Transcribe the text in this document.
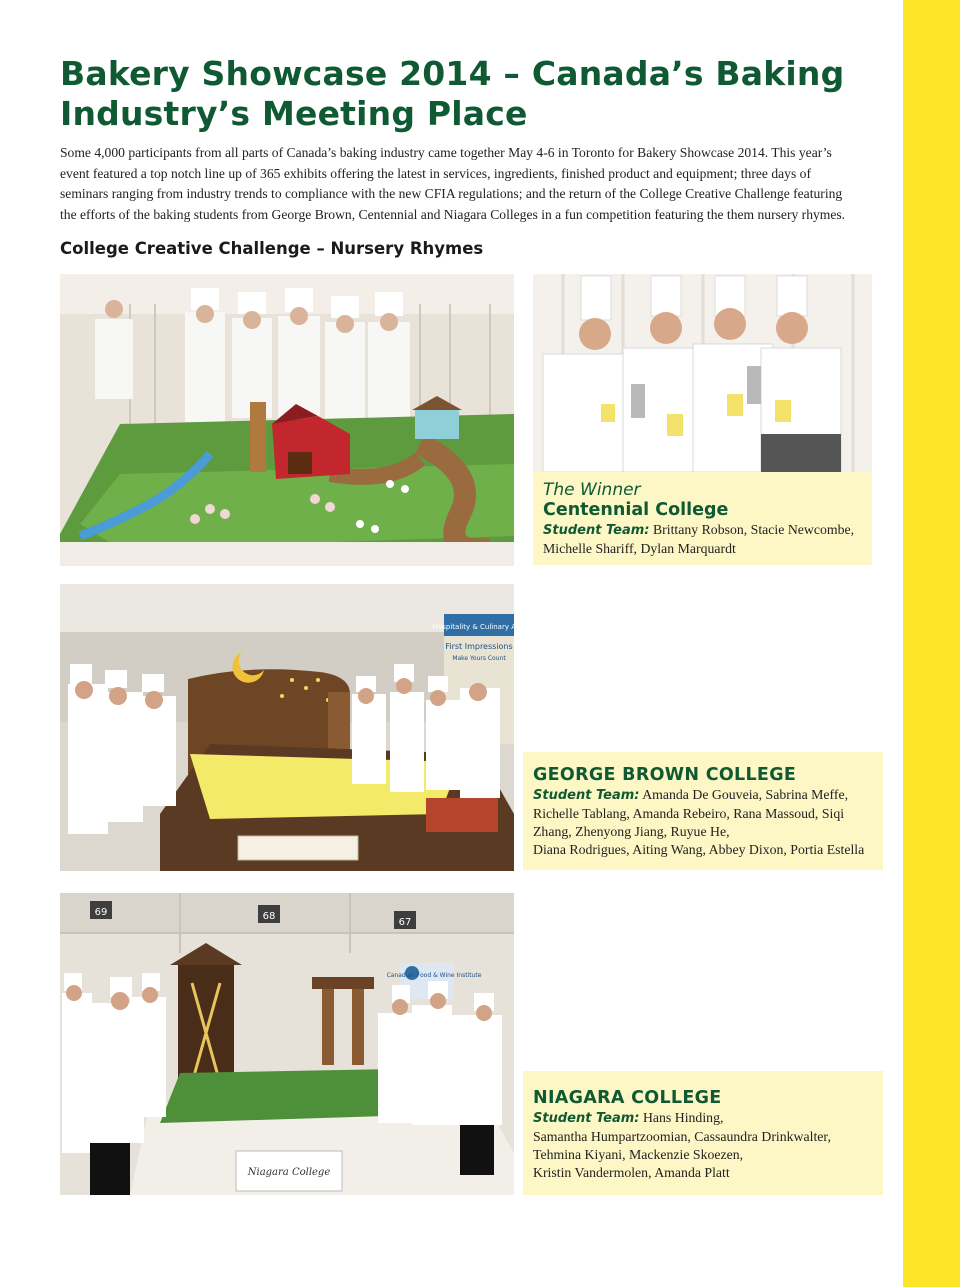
Bakery Showcase 2014 – Canada’s Baking
Industry’s Meeting Place

Some 4,000 participants from all parts of Canada’s baking industry came together May 4-6 in Toronto for Bakery Showcase 2014. This year’s
event featured a top notch line up of 365 exhibits offering the latest in services, ingredients, finished product and equipment; three days of
seminars ranging from industry trends to compliance with the new CFIA regulations; and the return of the College Creative Challenge featuring
the efforts of the baking students from George Brown, Centennial and Niagara Colleges in a fun competition featuring the them nursery rhymes.

College Creative Challenge – Nursery Rhymes
The Winner
Centennial College
Student Team: Brittany Robson, Stacie Newcombe,
Michelle Shariff, Dylan Marquardt
Hospitality & Culinary Arts
First Impressions
Make Yours Count
GEORGE BROWN COLLEGE
Student Team: Amanda De Gouveia, Sabrina Meffe,
Richelle Tablang, Amanda Rebeiro, Rana Massoud, Siqi
Zhang, Zhenyong Jiang, Ruyue He,
Diana Rodrigues, Aiting Wang, Abbey Dixon, Portia Estella
69	68
67
Canadian Food & Wine Institute
Niagara College
NIAGARA COLLEGE
Student Team: Hans Hinding,
Samantha Humpartzoomian, Cassaundra Drinkwalter,
Tehmina Kiyani, Mackenzie Skoezen,
Kristin Vandermolen, Amanda Platt
